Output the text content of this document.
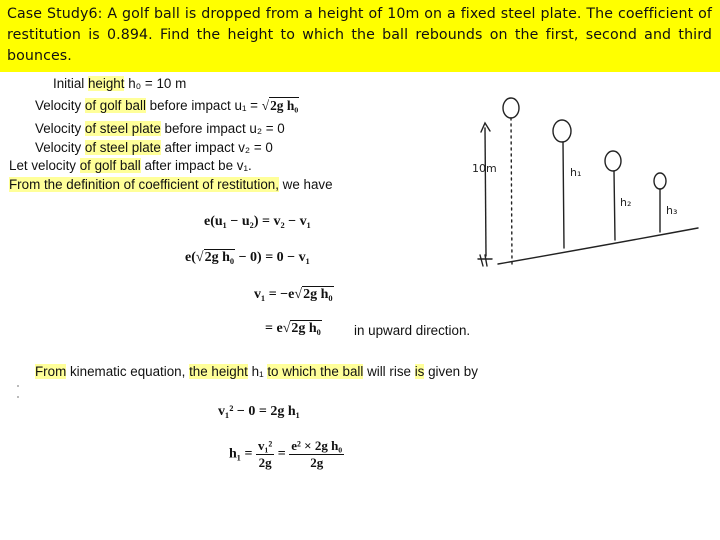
Case Study6: A golf ball is dropped from a height of 10m on a fixed steel plate. The coefficient of restitution is 0.894. Find the height to which the ball rebounds on the first, second and third bounces.
Initial height h₀ = 10 m
Velocity of golf ball before impact u₁ = √2g h₀
Velocity of steel plate before impact u₂ = 0
Velocity of steel plate after impact v₂ = 0
Let velocity of golf ball after impact be v₁.
From the definition of coefficient of restitution, we have
e(u₁ − u₂) = v₂ − v₁
e(√2g h₀ − 0) = 0 − v₁
v₁ = −e√2g h₀
= e√2g h₀ in upward direction.
From kinematic equation, the height h₁ to which the ball will rise is given by
v₁² − 0 = 2g h₁
$h_1 = \frac{\text{v₁²}}{2g} = \frac{\text{e² × 2g h₀}}{2g}$
10m	h₁
h₂
h₃
